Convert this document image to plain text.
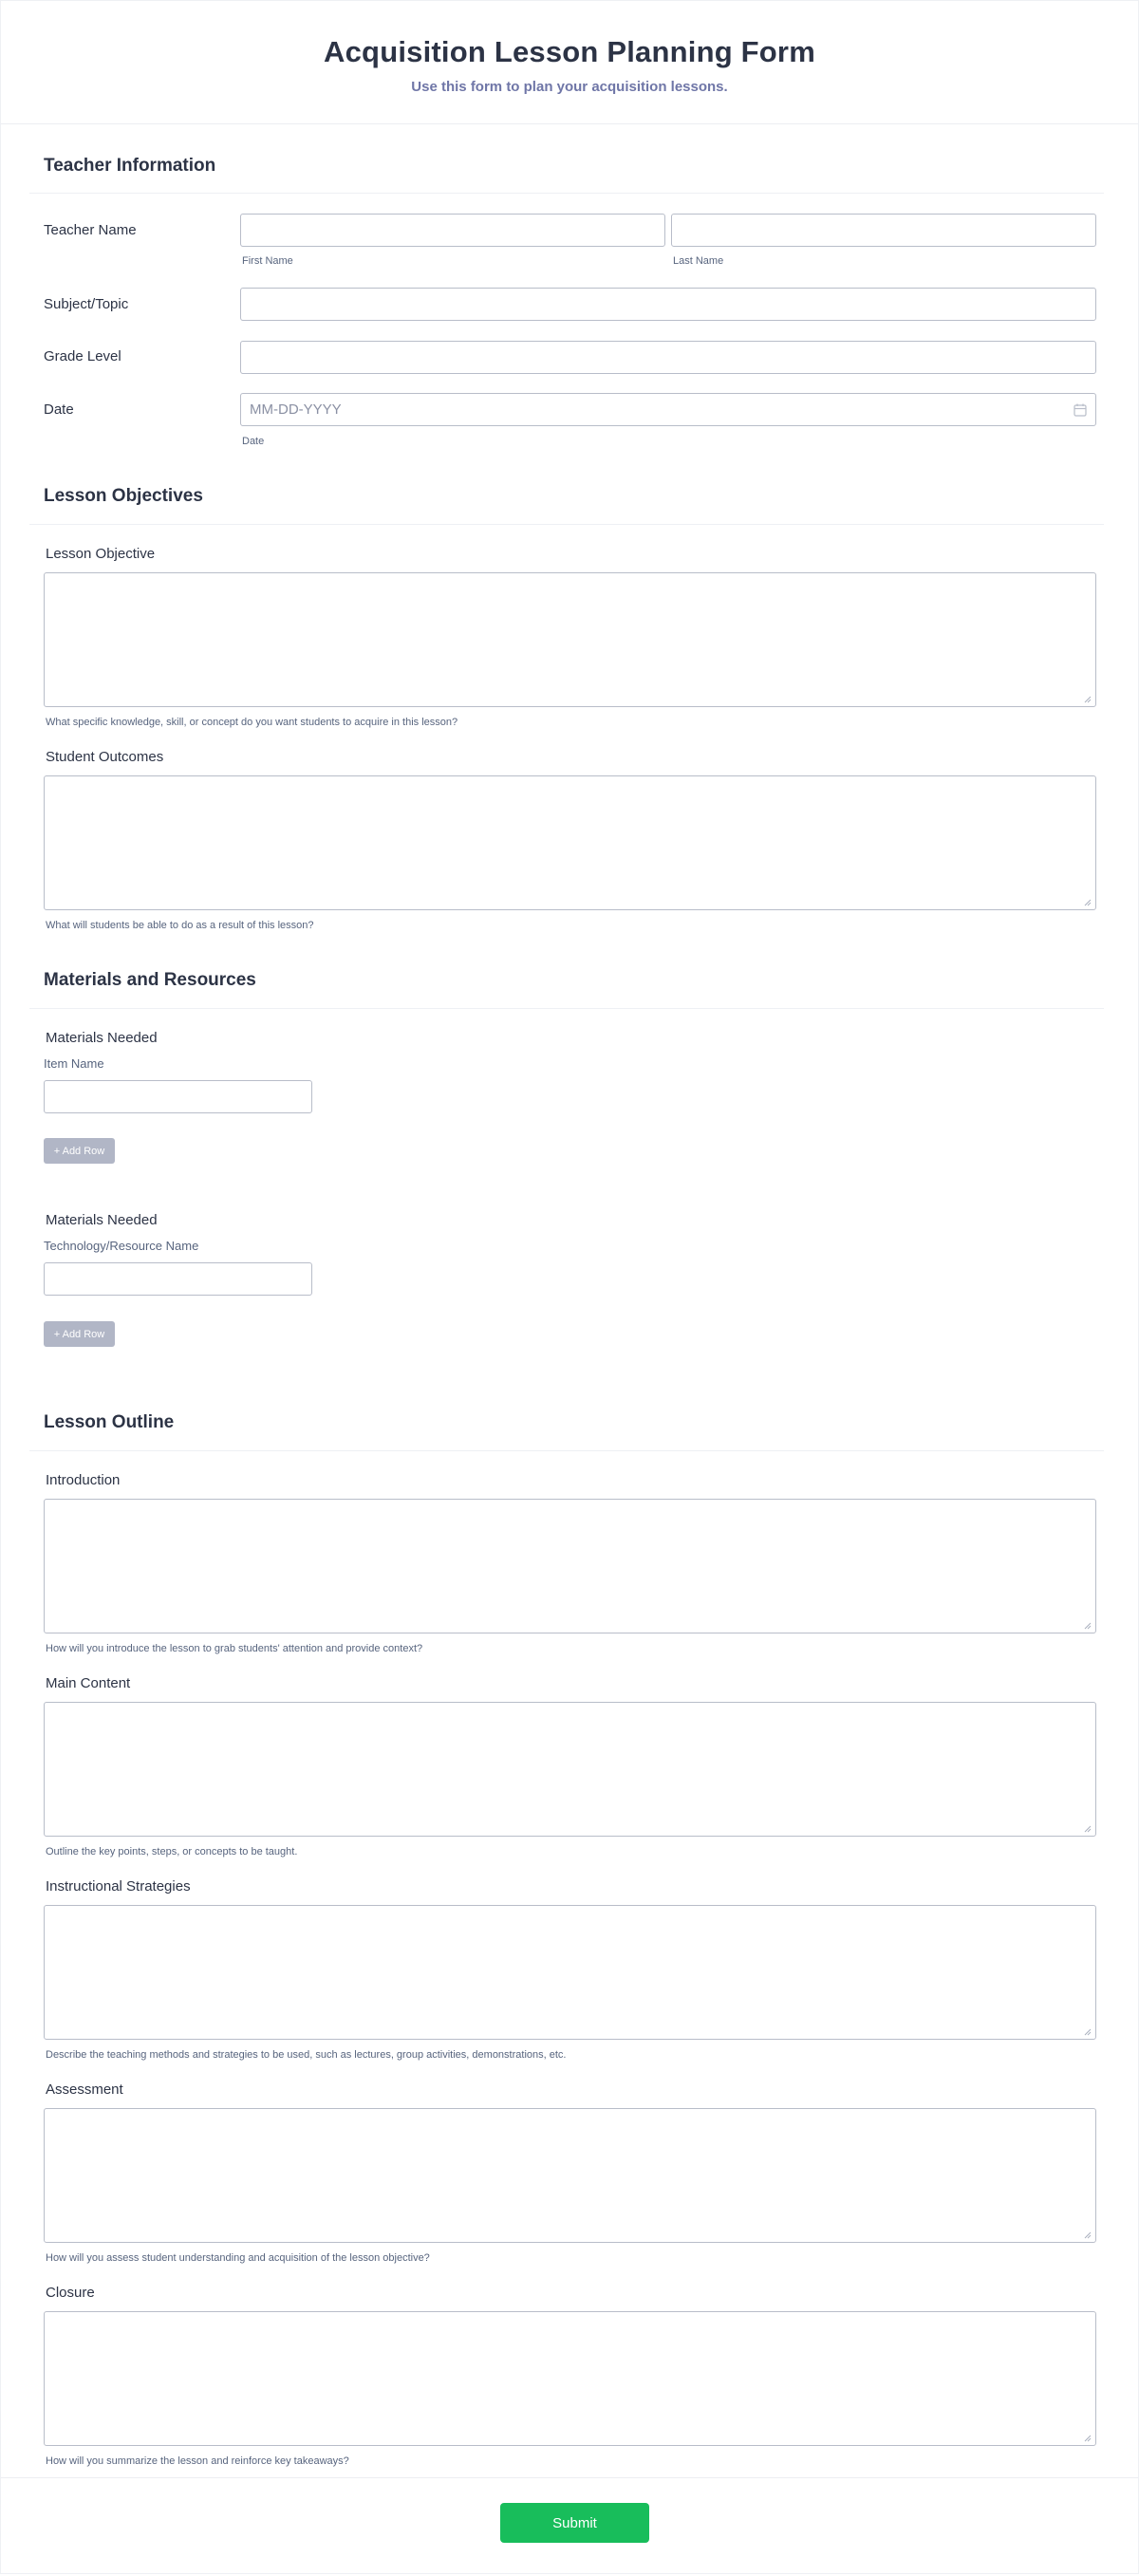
Acquisition Lesson Planning Form
Use this form to plan your acquisition lessons.
Teacher Information
Teacher Name
First Name	Last Name
Subject/Topic
Grade Level
Date	MM-DD-YYYY
Date
Lesson Objectives
Lesson Objective
What specific knowledge, skill, or concept do you want students to acquire in this lesson?
Student Outcomes
What will students be able to do as a result of this lesson?
Materials and Resources
Materials Needed
Item Name
+ Add Row
Materials Needed
Technology/Resource Name
+ Add Row
Lesson Outline
Introduction
How will you introduce the lesson to grab students' attention and provide context?
Main Content
Outline the key points, steps, or concepts to be taught.
Instructional Strategies
Describe the teaching methods and strategies to be used, such as lectures, group activities, demonstrations, etc.
Assessment
How will you assess student understanding and acquisition of the lesson objective?
Closure
How will you summarize the lesson and reinforce key takeaways?
Submit
